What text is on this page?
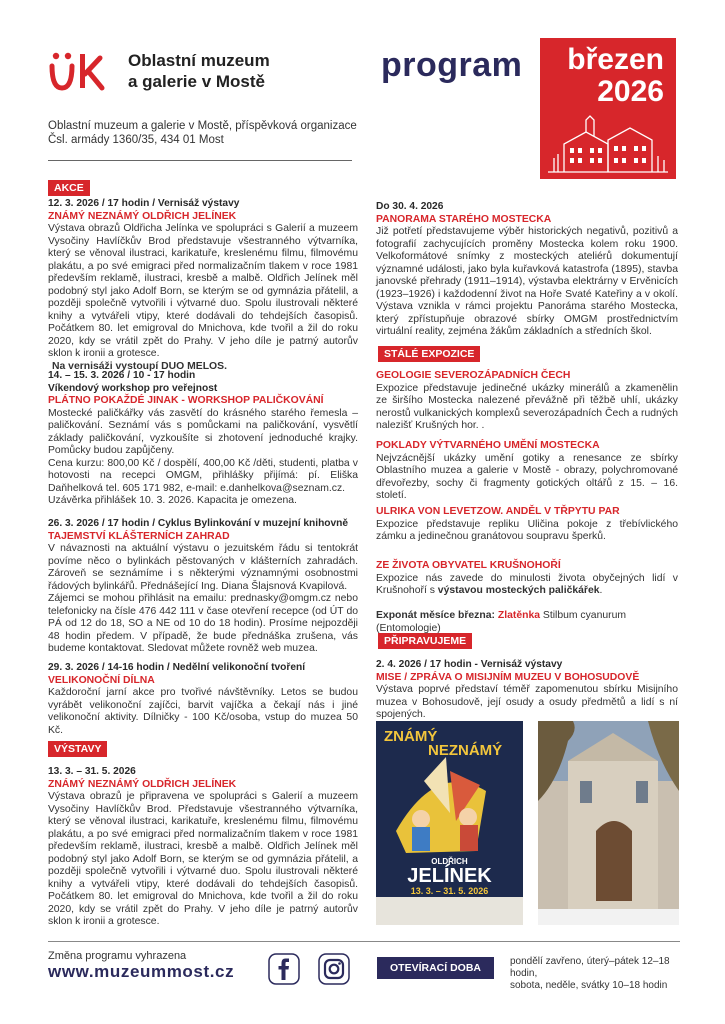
Oblastní muzeum
a galerie v Mostě
Oblastní muzeum a galerie v Mostě, příspěvková organizace
Čsl. armády 1360/35, 434 01 Most
program březen
2026
AKCE
12. 3. 2026 / 17 hodin / Vernisáž výstavy
ZNÁMÝ NEZNÁMÝ OLDŘICH JELÍNEK
Výstava obrazů Oldřicha Jelínka ve spolupráci s Galerií a muzeem Vysočiny Havlíčkův Brod představuje všestranného výtvarníka, který se věnoval ilustraci, karikatuře, kreslenému filmu, filmovému plakátu, a po své emigraci před normalizačním tlakem v roce 1981 především reklamě, ilustraci, kresbě a malbě. Oldřich Jelínek měl podobný styl jako Adolf Born, se kterým se od gymnázia přátelil, a později společně vytvořili i výtvarné duo. Spolu ilustrovali některé knihy a vytvářeli vtipy, které dodávali do tehdejších časopisů. Počátkem 80. let emigroval do Mnichova, kde tvořil a žil do roku 2020, kdy se vrátil zpět do Prahy. V jeho díle je patrný autorův sklon k ironii a grotesce.
Na vernisáži vystoupí DUO MELOS.
14. – 15. 3. 2026 / 10 - 17 hodin
Víkendový workshop pro veřejnost
PLÁTNO POKAŽDÉ JINAK - WORKSHOP PALIČKOVÁNÍ
Mostecké paličkářky vás zasvětí do krásného starého řemesla – paličkování. Seznámí vás s pomůckami na paličkování, vysvětlí základy paličkování, vyzkoušíte si zhotovení jednoduché krajky. Pomůcky budou zapůjčeny.
Cena kurzu: 800,00 Kč / dospělí, 400,00 Kč /děti, studenti, platba v hotovosti na recepci OMGM, přihlášky přijímá: pí. Eliška Daňhelková tel. 605 171 982, e-mail: e.danhelkova@seznam.cz.
Uzávěrka přihlášek 10. 3. 2026. Kapacita je omezena.
26. 3. 2026 / 17 hodin / Cyklus Bylinkování v muzejní knihovně
TAJEMSTVÍ KLÁŠTERNÍCH ZAHRAD
V návaznosti na aktuální výstavu o jezuitském řádu si tentokrát povíme něco o bylinkách pěstovaných v klášterních zahradách. Zároveň se seznámíme i s některými významnými osobnostmi řádových bylinkářů. Přednášející Ing. Diana Šlajsnová Kvapilová.
Zájemci se mohou přihlásit na emailu: prednasky@omgm.cz nebo telefonicky na čísle 476 442 111 v čase otevření recepce (od ÚT do PÁ od 12 do 18, SO a NE od 10 do 18 hodin). Prosíme nejpozději 48 hodin předem. V případě, že bude přednáška zrušena, vás budeme kontaktovat. Sledovat můžete rovněž web muzea.
29. 3. 2026 / 14-16 hodin / Nedělní velikonoční tvoření
VELIKONOČNÍ DÍLNA
Každoroční jarní akce pro tvořivé návštěvníky. Letos se budou vyrábět velikonoční zajíčci, barvit vajíčka a čekají nás i jiné velikonoční aktivity. Dílničky - 100 Kč/osoba, vstup do muzea 50 Kč.
VÝSTAVY
13. 3. – 31. 5. 2026
ZNÁMÝ NEZNÁMÝ OLDŘICH JELÍNEK
Výstava obrazů je připravena ve spolupráci s Galerií a muzeem Vysočiny Havlíčkův Brod. Představuje všestranného výtvarníka, který se věnoval ilustraci, karikatuře, kreslenému filmu, filmovému plakátu, a po své emigraci před normalizačním tlakem v roce 1981 především reklamě, ilustraci, kresbě a malbě. Oldřich Jelínek měl podobný styl jako Adolf Born, se kterým se od gymnázia přátelil, a později společně vytvořili i výtvarné duo. Spolu ilustrovali některé knihy a vytvářeli vtipy, které dodávali do tehdejších časopisů. Počátkem 80. let emigroval do Mnichova, kde tvořil a žil do roku 2020, kdy se vrátil zpět do Prahy. V jeho díle je patrný autorův sklon k ironii a grotesce.
Do 30. 4. 2026
PANORAMA STARÉHO MOSTECKA
Již potřetí představujeme výběr historických negativů, pozitivů a fotografií zachycujících proměny Mostecka kolem roku 1900. Velkoformátové snímky z mosteckých ateliérů dokumentují významné události, jako byla kuřavková katastrofa (1895), stavba janovské přehrady (1911–1914), výstavba elektrárny v Ervěnicích (1923–1926) i každodenní život na Hoře Svaté Kateřiny a v okolí. Výstava vznikla v rámci projektu Panoráma starého Mostecka, který zpřístupňuje obrazové sbírky OMGM prostřednictvím virtuální reality, zejména žákům základních a středních škol.
STÁLÉ EXPOZICE
GEOLOGIE SEVEROZÁPADNÍCH ČECH
Expozice představuje jedinečné ukázky minerálů a zkamenělin ze širšího Mostecka nalezené převážně při těžbě uhlí, ukázky nerostů vulkanických komplexů severozápadních Čech a rudných nalezišť Krušných hor. .
POKLADY VÝTVARNÉHO UMĚNÍ MOSTECKA
Nejvzácnější ukázky umění gotiky a renesance ze sbírky Oblastního muzea a galerie v Mostě - obrazy, polychromované dřevořezby, sochy či fragmenty gotických oltářů z 15. – 16. století.
ULRIKA VON LEVETZOW. ANDĚL V TŘPYTU PAR
Expozice představuje repliku Uličina pokoje z třebívlického zámku a jedinečnou granátovou soupravu šperků.
ZE ŽIVOTA OBYVATEL KRUŠNOHOŘÍ
Expozice nás zavede do minulosti života obyčejných lidí v Krušnohoří s výstavou mosteckých paličkářek.
Exponát měsíce března: Zlatěnka Stilbum cyanurum (Entomologie)
PŘIPRAVUJEME
2. 4. 2026 / 17 hodin - Vernisáž výstavy
MISE / ZPRÁVA O MISIJNÍM MUZEU V BOHOSUDOVĚ
Výstava poprvé představí téměř zapomenutou sbírku Misijního muzea v Bohosudově, její osudy a osudy předmětů a lidí s ní spojených.
ZNÁMÝ
NEZNÁMÝ
OLDŘICH
JELÍNEK
13. 3. – 31. 5. 2026
Změna programu vyhrazena
www.muzeummost.cz	OTEVÍRACÍ DOBA
pondělí zavřeno, úterý–pátek 12–18 hodin,
sobota, neděle, svátky 10–18 hodin
